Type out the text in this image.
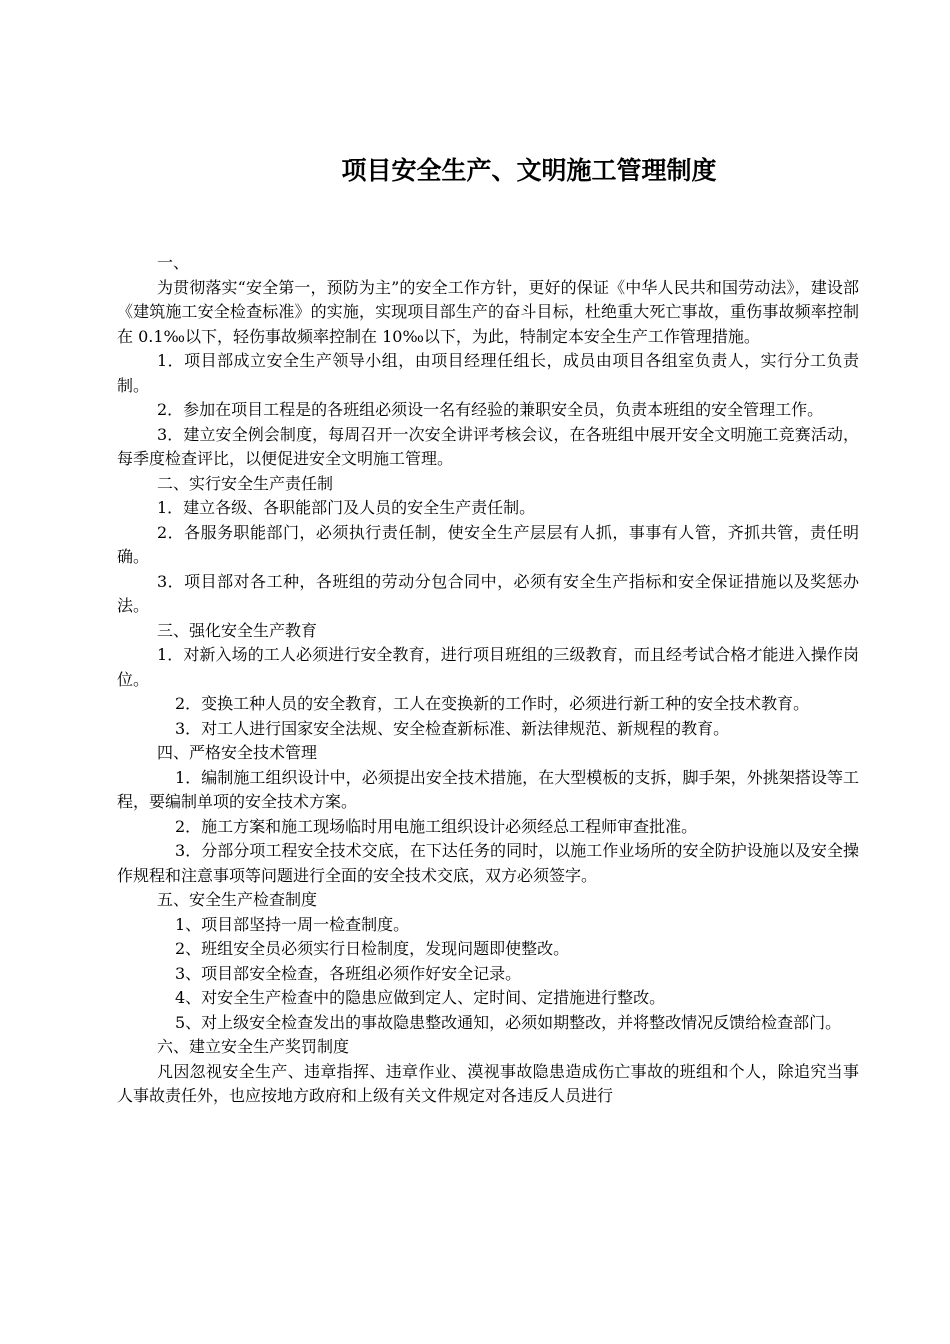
项目安全生产、文明施工管理制度

一、

为贯彻落实“安全第一，预防为主”的安全工作方针，更好的保证《中华人民共和国劳动法》，建设部《建筑施工安全检查标准》的实施，实现项目部生产的奋斗目标，杜绝重大死亡事故，重伤事故频率控制在 0.1‰以下，轻伤事故频率控制在 10‰以下，为此，特制定本安全生产工作管理措施。

1．项目部成立安全生产领导小组，由项目经理任组长，成员由项目各组室负责人，实行分工负责制。

2．参加在项目工程是的各班组必须设一名有经验的兼职安全员，负责本班组的安全管理工作。

3．建立安全例会制度，每周召开一次安全讲评考核会议，在各班组中展开安全文明施工竞赛活动，每季度检查评比，以便促进安全文明施工管理。

二、实行安全生产责任制

1．建立各级、各职能部门及人员的安全生产责任制。

2．各服务职能部门，必须执行责任制，使安全生产层层有人抓，事事有人管，齐抓共管，责任明确。

3．项目部对各工种，各班组的劳动分包合同中，必须有安全生产指标和安全保证措施以及奖惩办法。

三、强化安全生产教育

1．对新入场的工人必须进行安全教育，进行项目班组的三级教育，而且经考试合格才能进入操作岗位。

2．变换工种人员的安全教育，工人在变换新的工作时，必须进行新工种的安全技术教育。

3．对工人进行国家安全法规、安全检查新标准、新法律规范、新规程的教育。

四、严格安全技术管理

1．编制施工组织设计中，必须提出安全技术措施，在大型模板的支拆，脚手架，外挑架搭设等工程，要编制单项的安全技术方案。

2．施工方案和施工现场临时用电施工组织设计必须经总工程师审查批准。

3．分部分项工程安全技术交底，在下达任务的同时，以施工作业场所的安全防护设施以及安全操作规程和注意事项等问题进行全面的安全技术交底，双方必须签字。

五、安全生产检查制度

1、项目部坚持一周一检查制度。

2、班组安全员必须实行日检制度，发现问题即使整改。

3、项目部安全检查，各班组必须作好安全记录。

4、对安全生产检查中的隐患应做到定人、定时间、定措施进行整改。

5、对上级安全检查发出的事故隐患整改通知，必须如期整改，并将整改情况反馈给检查部门。

六、建立安全生产奖罚制度

凡因忽视安全生产、违章指挥、违章作业、漠视事故隐患造成伤亡事故的班组和个人，除追究当事人事故责任外，也应按地方政府和上级有关文件规定对各违反人员进行
